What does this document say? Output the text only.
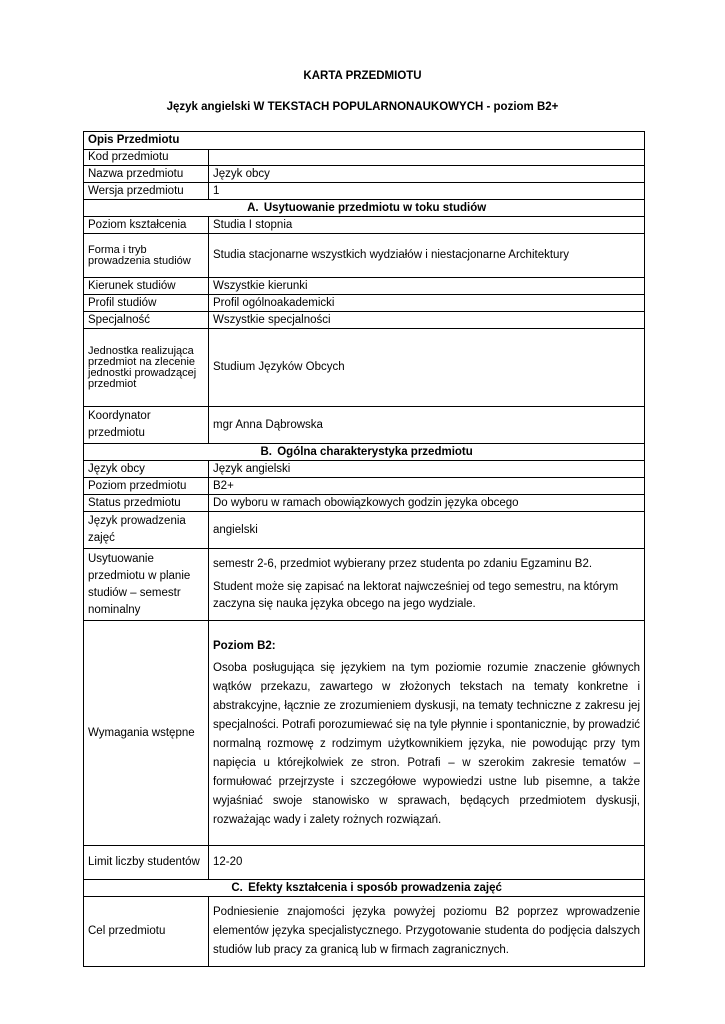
KARTA PRZEDMIOTU
Język angielski W TEKSTACH POPULARNONAUKOWYCH - poziom B2+
Opis Przedmiotu	
Kod przedmiotu	
Nazwa przedmiotu	Język obcy
Wersja przedmiotu	1
A. Usytuowanie przedmiotu w toku studiów	
Poziom kształcenia	Studia I stopnia
Forma i tryb prowadzenia studiów	Studia stacjonarne wszystkich wydziałów i niestacjonarne Architektury
Kierunek studiów	Wszystkie kierunki
Profil studiów	Profil ogólnoakademicki
Specjalność	Wszystkie specjalności
Jednostka realizująca przedmiot na zlecenie jednostki prowadzącej przedmiot	Studium Języków Obcych
Koordynator przedmiotu	mgr Anna Dąbrowska
B. Ogólna charakterystyka przedmiotu	
Język obcy	Język angielski
Poziom przedmiotu	B2+
Status przedmiotu	Do wyboru w ramach obowiązkowych godzin języka obcego
Język prowadzenia zajęć	angielski
Usytuowanie przedmiotu w planie studiów – semestr nominalny	semestr 2-6, przedmiot wybierany przez studenta po zdaniu Egzaminu B2.

Student może się zapisać na lektorat najwcześniej od tego semestru, na którym zaczyna się nauka języka obcego na jego wydziale.

Wymagania wstępne	Poziom B2:

Osoba posługująca się językiem na tym poziomie rozumie znaczenie głównych wątków przekazu, zawartego w złożonych tekstach na tematy konkretne i abstrakcyjne, łącznie ze zrozumieniem dyskusji, na tematy techniczne z zakresu jej specjalności. Potrafi porozumiewać się na tyle płynnie i spontanicznie, by prowadzić normalną rozmowę z rodzimym użytkownikiem języka, nie powodując przy tym napięcia u którejkolwiek ze stron. Potrafi – w szerokim zakresie tematów – formułować przejrzyste i szczegółowe wypowiedzi ustne lub pisemne, a także wyjaśniać swoje stanowisko w sprawach, będących przedmiotem dyskusji, rozważając wady i zalety rożnych rozwiązań.

Limit liczby studentów	12-20
C. Efekty kształcenia i sposób prowadzenia zajęć	
Cel przedmiotu	Podniesienie znajomości języka powyżej poziomu B2 poprzez wprowadzenie elementów języka specjalistycznego. Przygotowanie studenta do podjęcia dalszych studiów lub pracy za granicą lub w firmach zagranicznych.
